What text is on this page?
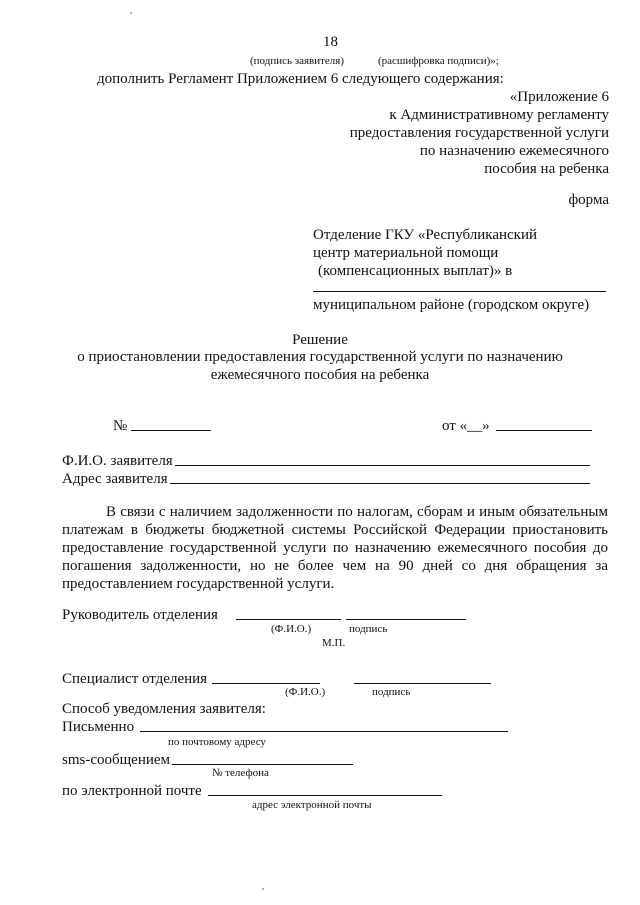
18
(подпись заявителя)	(расшифровка подписи)»;
дополнить Регламент Приложением 6 следующего содержания:
«Приложение 6
к Административному регламенту
предоставления государственной услуги
по назначению ежемесячного
пособия на ребенка
форма
Отделение ГКУ «Республиканский
центр материальной помощи
(компенсационных выплат)» в
муниципальном районе (городском округе)
Решение
о приостановлении предоставления государственной услуги по назначению
ежемесячного пособия на ребенка
№	от «__»
Ф.И.О. заявителя
Адрес заявителя
В связи с наличием задолженности по налогам, сборам и иным обязательным
платежам в бюджеты бюджетной системы Российской Федерации приостановить
предоставление государственной услуги по назначению ежемесячного пособия до
погашения задолженности, но не более чем на 90 дней со дня обращения за
предоставлением государственной услуги.
Руководитель отделения
(Ф.И.О.)	подпись
М.П.
Специалист отделения
(Ф.И.О.)	подпись
Способ уведомления заявителя:
Письменно
по почтовому адресу
sms-сообщением
№ телефона
по электронной почте
адрес электронной почты
